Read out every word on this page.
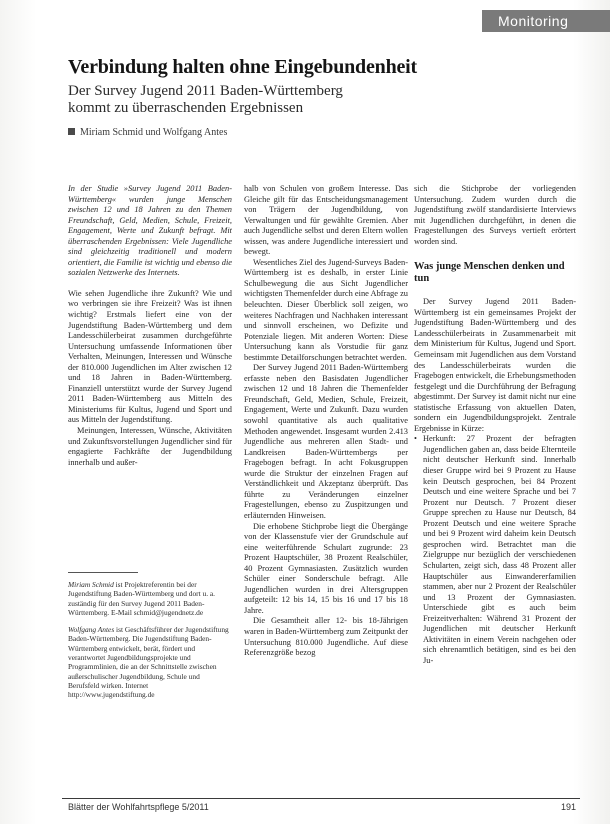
Monitoring
Verbindung halten ohne Eingebundenheit
Der Survey Jugend 2011 Baden-Württemberg
kommt zu überraschenden Ergebnissen
Miriam Schmid und Wolfgang Antes

In der Studie »Survey Jugend 2011 Baden-Württemberg« wurden junge Menschen zwischen 12 und 18 Jahren zu den Themen Freundschaft, Geld, Medien, Schule, Freizeit, Engagement, Werte und Zukunft befragt. Mit überraschenden Ergebnissen: Viele Jugendliche sind gleichzeitig traditionell und modern orientiert, die Familie ist wichtig und ebenso die sozialen Netzwerke des Internets.

Wie sehen Jugendliche ihre Zukunft? Wie und wo verbringen sie ihre Freizeit? Was ist ihnen wichtig? Erstmals liefert eine von der Jugendstiftung Baden-Württemberg und dem Landesschülerbeirat zusammen durchgeführte Untersuchung umfassende Informationen über Verhalten, Meinungen, Interessen und Wünsche der 810.000 Jugendlichen im Alter zwischen 12 und 18 Jahren in Baden-Württemberg. Finanziell unterstützt wurde der Survey Jugend 2011 Baden-Württemberg aus Mitteln des Ministeriums für Kultus, Jugend und Sport und aus Mitteln der Jugendstiftung.

Meinungen, Interessen, Wünsche, Aktivitäten und Zukunftsvorstellungen Jugendlicher sind für engagierte Fachkräfte der Jugendbildung innerhalb und außer-

Miriam Schmid ist Projektreferentin bei der Jugendstiftung Baden-Württemberg und dort u. a. zuständig für den Survey Jugend 2011 Baden-Württemberg. E-Mail schmid@jugendnetz.de

Wolfgang Antes ist Geschäftsführer der Jugendstiftung Baden-Württemberg. Die Jugendstiftung Baden-Württemberg entwickelt, berät, fördert und verantwortet Jugendbildungsprojekte und Programmlinien, die an der Schnittstelle zwischen außerschulischer Jugendbildung, Schule und Berufsfeld wirken. Internet http://www.jugendstiftung.de

halb von Schulen von großem Interesse. Das Gleiche gilt für das Entscheidungsmanagement von Trägern der Jugendbildung, von Verwaltungen und für gewählte Gremien. Aber auch Jugendliche selbst und deren Eltern wollen wissen, was andere Jugendliche interessiert und bewegt.

Wesentliches Ziel des Jugend-Surveys Baden-Württemberg ist es deshalb, in erster Linie Schulbewegung die aus Sicht Jugendlicher wichtigsten Themenfelder durch eine Abfrage zu beleuchten. Dieser Überblick soll zeigen, wo weiteres Nachfragen und Nachhaken interessant und sinnvoll erscheinen, wo Defizite und Potenziale liegen. Mit anderen Worten: Diese Untersuchung kann als Vorstudie für ganz bestimmte Detailforschungen betrachtet werden.

Der Survey Jugend 2011 Baden-Württemberg erfasste neben den Basisdaten Jugendlicher zwischen 12 und 18 Jahren die Themenfelder Freundschaft, Geld, Medien, Schule, Freizeit, Engagement, Werte und Zukunft. Dazu wurden sowohl quantitative als auch qualitative Methoden angewendet. Insgesamt wurden 2.413 Jugendliche aus mehreren allen Stadt- und Landkreisen Baden-Württembergs per Fragebogen befragt. In acht Fokusgruppen wurde die Struktur der einzelnen Fragen auf Verständlichkeit und Akzeptanz überprüft. Das führte zu Veränderungen einzelner Fragestellungen, ebenso zu Zuspitzungen und erläuternden Hinweisen.

Die erhobene Stichprobe liegt die Übergänge von der Klassenstufe vier der Grundschule auf eine weiterführende Schulart zugrunde: 23 Prozent Hauptschüler, 38 Prozent Realschüler, 40 Prozent Gymnasiasten. Zusätzlich wurden Schüler einer Sonderschule befragt. Alle Jugendlichen wurden in drei Altersgruppen aufgeteilt: 12 bis 14, 15 bis 16 und 17 bis 18 Jahre.

Die Gesamtheit aller 12- bis 18-Jährigen waren in Baden-Württemberg zum Zeitpunkt der Untersuchung 810.000 Jugendliche. Auf diese Referenzgröße bezog

sich die Stichprobe der vorliegenden Untersuchung. Zudem wurden durch die Jugendstiftung zwölf standardisierte Interviews mit Jugendlichen durchgeführt, in denen die Fragestellungen des Surveys vertieft erörtert worden sind.

Was junge Menschen denken und tun

Der Survey Jugend 2011 Baden-Württemberg ist ein gemeinsames Projekt der Jugendstiftung Baden-Württemberg und des Landesschülerbeirats in Zusammenarbeit mit dem Ministerium für Kultus, Jugend und Sport. Gemeinsam mit Jugendlichen aus dem Vorstand des Landesschülerbeirats wurden die Fragebogen entwickelt, die Erhebungsmethoden festgelegt und die Durchführung der Befragung abgestimmt. Der Survey ist damit nicht nur eine statistische Erfassung von aktuellen Daten, sondern ein Jugendbildungsprojekt. Zentrale Ergebnisse in Kürze:

• Herkunft: 27 Prozent der befragten Jugendlichen gaben an, dass beide Elternteile nicht deutscher Herkunft sind. Innerhalb dieser Gruppe wird bei 9 Prozent zu Hause kein Deutsch gesprochen, bei 84 Prozent Deutsch und eine weitere Sprache und bei 7 Prozent nur Deutsch. 7 Prozent dieser Gruppe sprechen zu Hause nur Deutsch, 84 Prozent Deutsch und eine weitere Sprache und bei 9 Prozent wird daheim kein Deutsch gesprochen wird. Betrachtet man die Zielgruppe nur bezüglich der verschiedenen Schularten, zeigt sich, dass 48 Prozent aller Hauptschüler aus Einwandererfamilien stammen, aber nur 2 Prozent der Realschüler und 13 Prozent der Gymnasiasten. Unterschiede gibt es auch beim Freizeitverhalten: Während 31 Prozent der Jugendlichen mit deutscher Herkunft Aktivitäten in einem Verein nachgehen oder sich ehrenamtlich betätigen, sind es bei den Ju-

Blätter der Wohlfahrtspflege 5/2011	191
